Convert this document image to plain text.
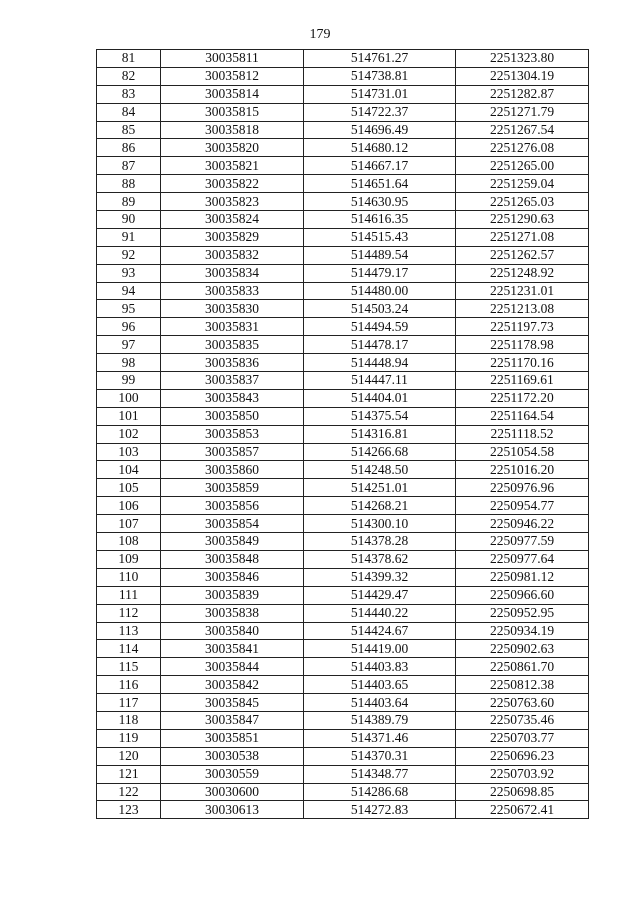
179
81	30035811	514761.27	2251323.80
82	30035812	514738.81	2251304.19
83	30035814	514731.01	2251282.87
84	30035815	514722.37	2251271.79
85	30035818	514696.49	2251267.54
86	30035820	514680.12	2251276.08
87	30035821	514667.17	2251265.00
88	30035822	514651.64	2251259.04
89	30035823	514630.95	2251265.03
90	30035824	514616.35	2251290.63
91	30035829	514515.43	2251271.08
92	30035832	514489.54	2251262.57
93	30035834	514479.17	2251248.92
94	30035833	514480.00	2251231.01
95	30035830	514503.24	2251213.08
96	30035831	514494.59	2251197.73
97	30035835	514478.17	2251178.98
98	30035836	514448.94	2251170.16
99	30035837	514447.11	2251169.61
100	30035843	514404.01	2251172.20
101	30035850	514375.54	2251164.54
102	30035853	514316.81	2251118.52
103	30035857	514266.68	2251054.58
104	30035860	514248.50	2251016.20
105	30035859	514251.01	2250976.96
106	30035856	514268.21	2250954.77
107	30035854	514300.10	2250946.22
108	30035849	514378.28	2250977.59
109	30035848	514378.62	2250977.64
110	30035846	514399.32	2250981.12
111	30035839	514429.47	2250966.60
112	30035838	514440.22	2250952.95
113	30035840	514424.67	2250934.19
114	30035841	514419.00	2250902.63
115	30035844	514403.83	2250861.70
116	30035842	514403.65	2250812.38
117	30035845	514403.64	2250763.60
118	30035847	514389.79	2250735.46
119	30035851	514371.46	2250703.77
120	30030538	514370.31	2250696.23
121	30030559	514348.77	2250703.92
122	30030600	514286.68	2250698.85
123	30030613	514272.83	2250672.41
